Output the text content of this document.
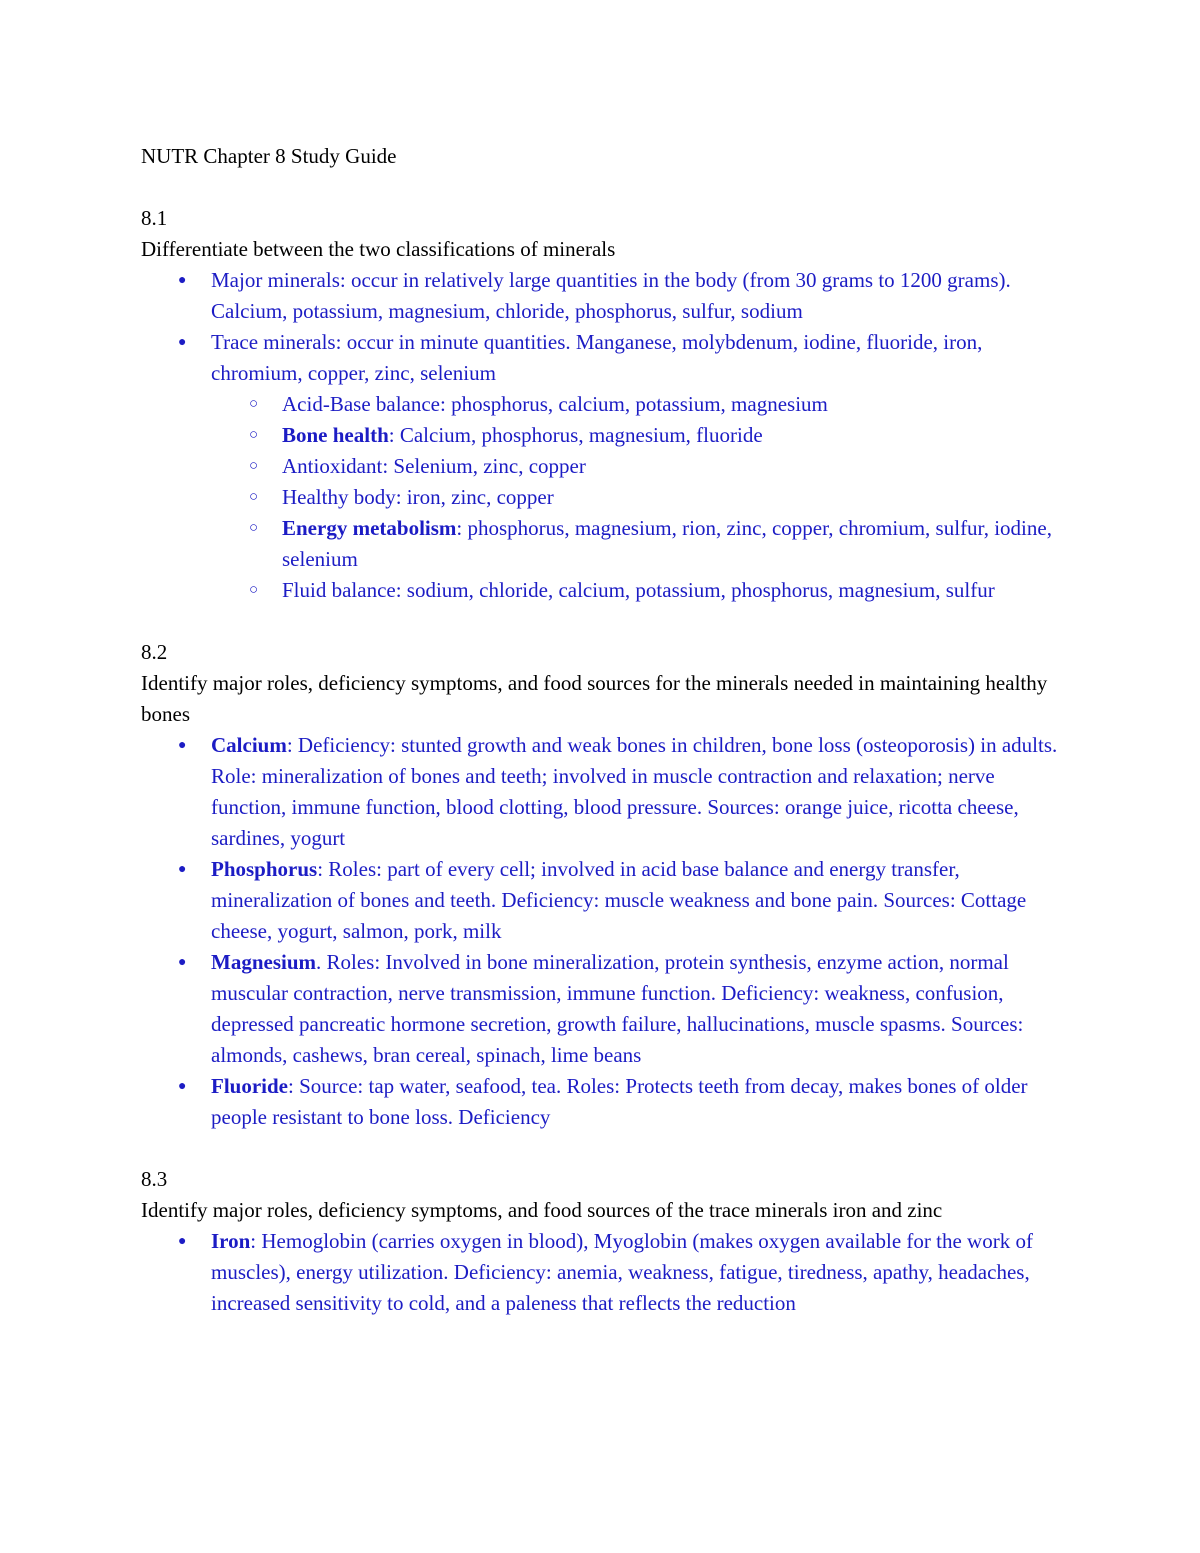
NUTR Chapter 8 Study Guide

8.1

Differentiate between the two classifications of minerals

● Major minerals: occur in relatively large quantities in the body (from 30 grams to 1200 grams). Calcium, potassium, magnesium, chloride, phosphorus, sulfur, sodium
● Trace minerals: occur in minute quantities. Manganese, molybdenum, iodine, fluoride, iron, chromium, copper, zinc, selenium
○ Acid-Base balance: phosphorus, calcium, potassium, magnesium
○ Bone health: Calcium, phosphorus, magnesium, fluoride
○ Antioxidant: Selenium, zinc, copper
○ Healthy body: iron, zinc, copper
○ Energy metabolism: phosphorus, magnesium, rion, zinc, copper, chromium, sulfur, iodine, selenium
○ Fluid balance: sodium, chloride, calcium, potassium, phosphorus, magnesium, sulfur

8.2

Identify major roles, deficiency symptoms, and food sources for the minerals needed in maintaining healthy bones

● Calcium: Deficiency: stunted growth and weak bones in children, bone loss (osteoporosis) in adults. Role: mineralization of bones and teeth; involved in muscle contraction and relaxation; nerve function, immune function, blood clotting, blood pressure. Sources: orange juice, ricotta cheese, sardines, yogurt
● Phosphorus: Roles: part of every cell; involved in acid base balance and energy transfer, mineralization of bones and teeth. Deficiency: muscle weakness and bone pain. Sources: Cottage cheese, yogurt, salmon, pork, milk
● Magnesium. Roles: Involved in bone mineralization, protein synthesis, enzyme action, normal muscular contraction, nerve transmission, immune function. Deficiency: weakness, confusion, depressed pancreatic hormone secretion, growth failure, hallucinations, muscle spasms. Sources: almonds, cashews, bran cereal, spinach, lime beans
● Fluoride: Source: tap water, seafood, tea. Roles: Protects teeth from decay, makes bones of older people resistant to bone loss. Deficiency

8.3

Identify major roles, deficiency symptoms, and food sources of the trace minerals iron and zinc

● Iron: Hemoglobin (carries oxygen in blood), Myoglobin (makes oxygen available for the work of muscles), energy utilization. Deficiency: anemia, weakness, fatigue, tiredness, apathy, headaches, increased sensitivity to cold, and a paleness that reflects the reduction
